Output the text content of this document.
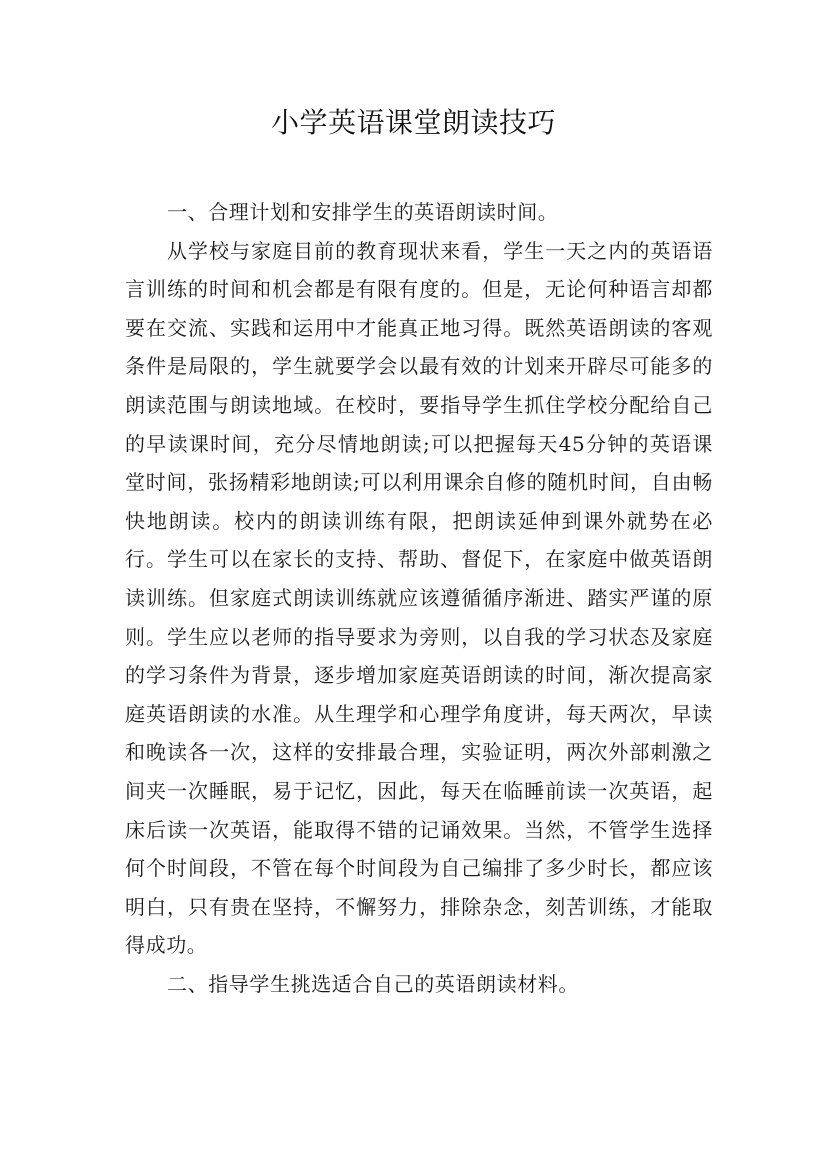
小学英语课堂朗读技巧

一、合理计划和安排学生的英语朗读时间。

从学校与家庭目前的教育现状来看，学生一天之内的英语语言训练的时间和机会都是有限有度的。但是，无论何种语言却都要在交流、实践和运用中才能真正地习得。既然英语朗读的客观条件是局限的，学生就要学会以最有效的计划来开辟尽可能多的朗读范围与朗读地域。在校时，要指导学生抓住学校分配给自己的早读课时间，充分尽情地朗读;可以把握每天45分钟的英语课堂时间，张扬精彩地朗读;可以利用课余自修的随机时间，自由畅快地朗读。校内的朗读训练有限，把朗读延伸到课外就势在必行。学生可以在家长的支持、帮助、督促下，在家庭中做英语朗读训练。但家庭式朗读训练就应该遵循循序渐进、踏实严谨的原则。学生应以老师的指导要求为旁则，以自我的学习状态及家庭的学习条件为背景，逐步增加家庭英语朗读的时间，渐次提高家庭英语朗读的水准。从生理学和心理学角度讲，每天两次，早读和晚读各一次，这样的安排最合理，实验证明，两次外部刺激之间夹一次睡眠，易于记忆，因此，每天在临睡前读一次英语，起床后读一次英语，能取得不错的记诵效果。当然，不管学生选择何个时间段，不管在每个时间段为自己编排了多少时长，都应该明白，只有贵在坚持，不懈努力，排除杂念，刻苦训练，才能取得成功。

二、指导学生挑选适合自己的英语朗读材料。
